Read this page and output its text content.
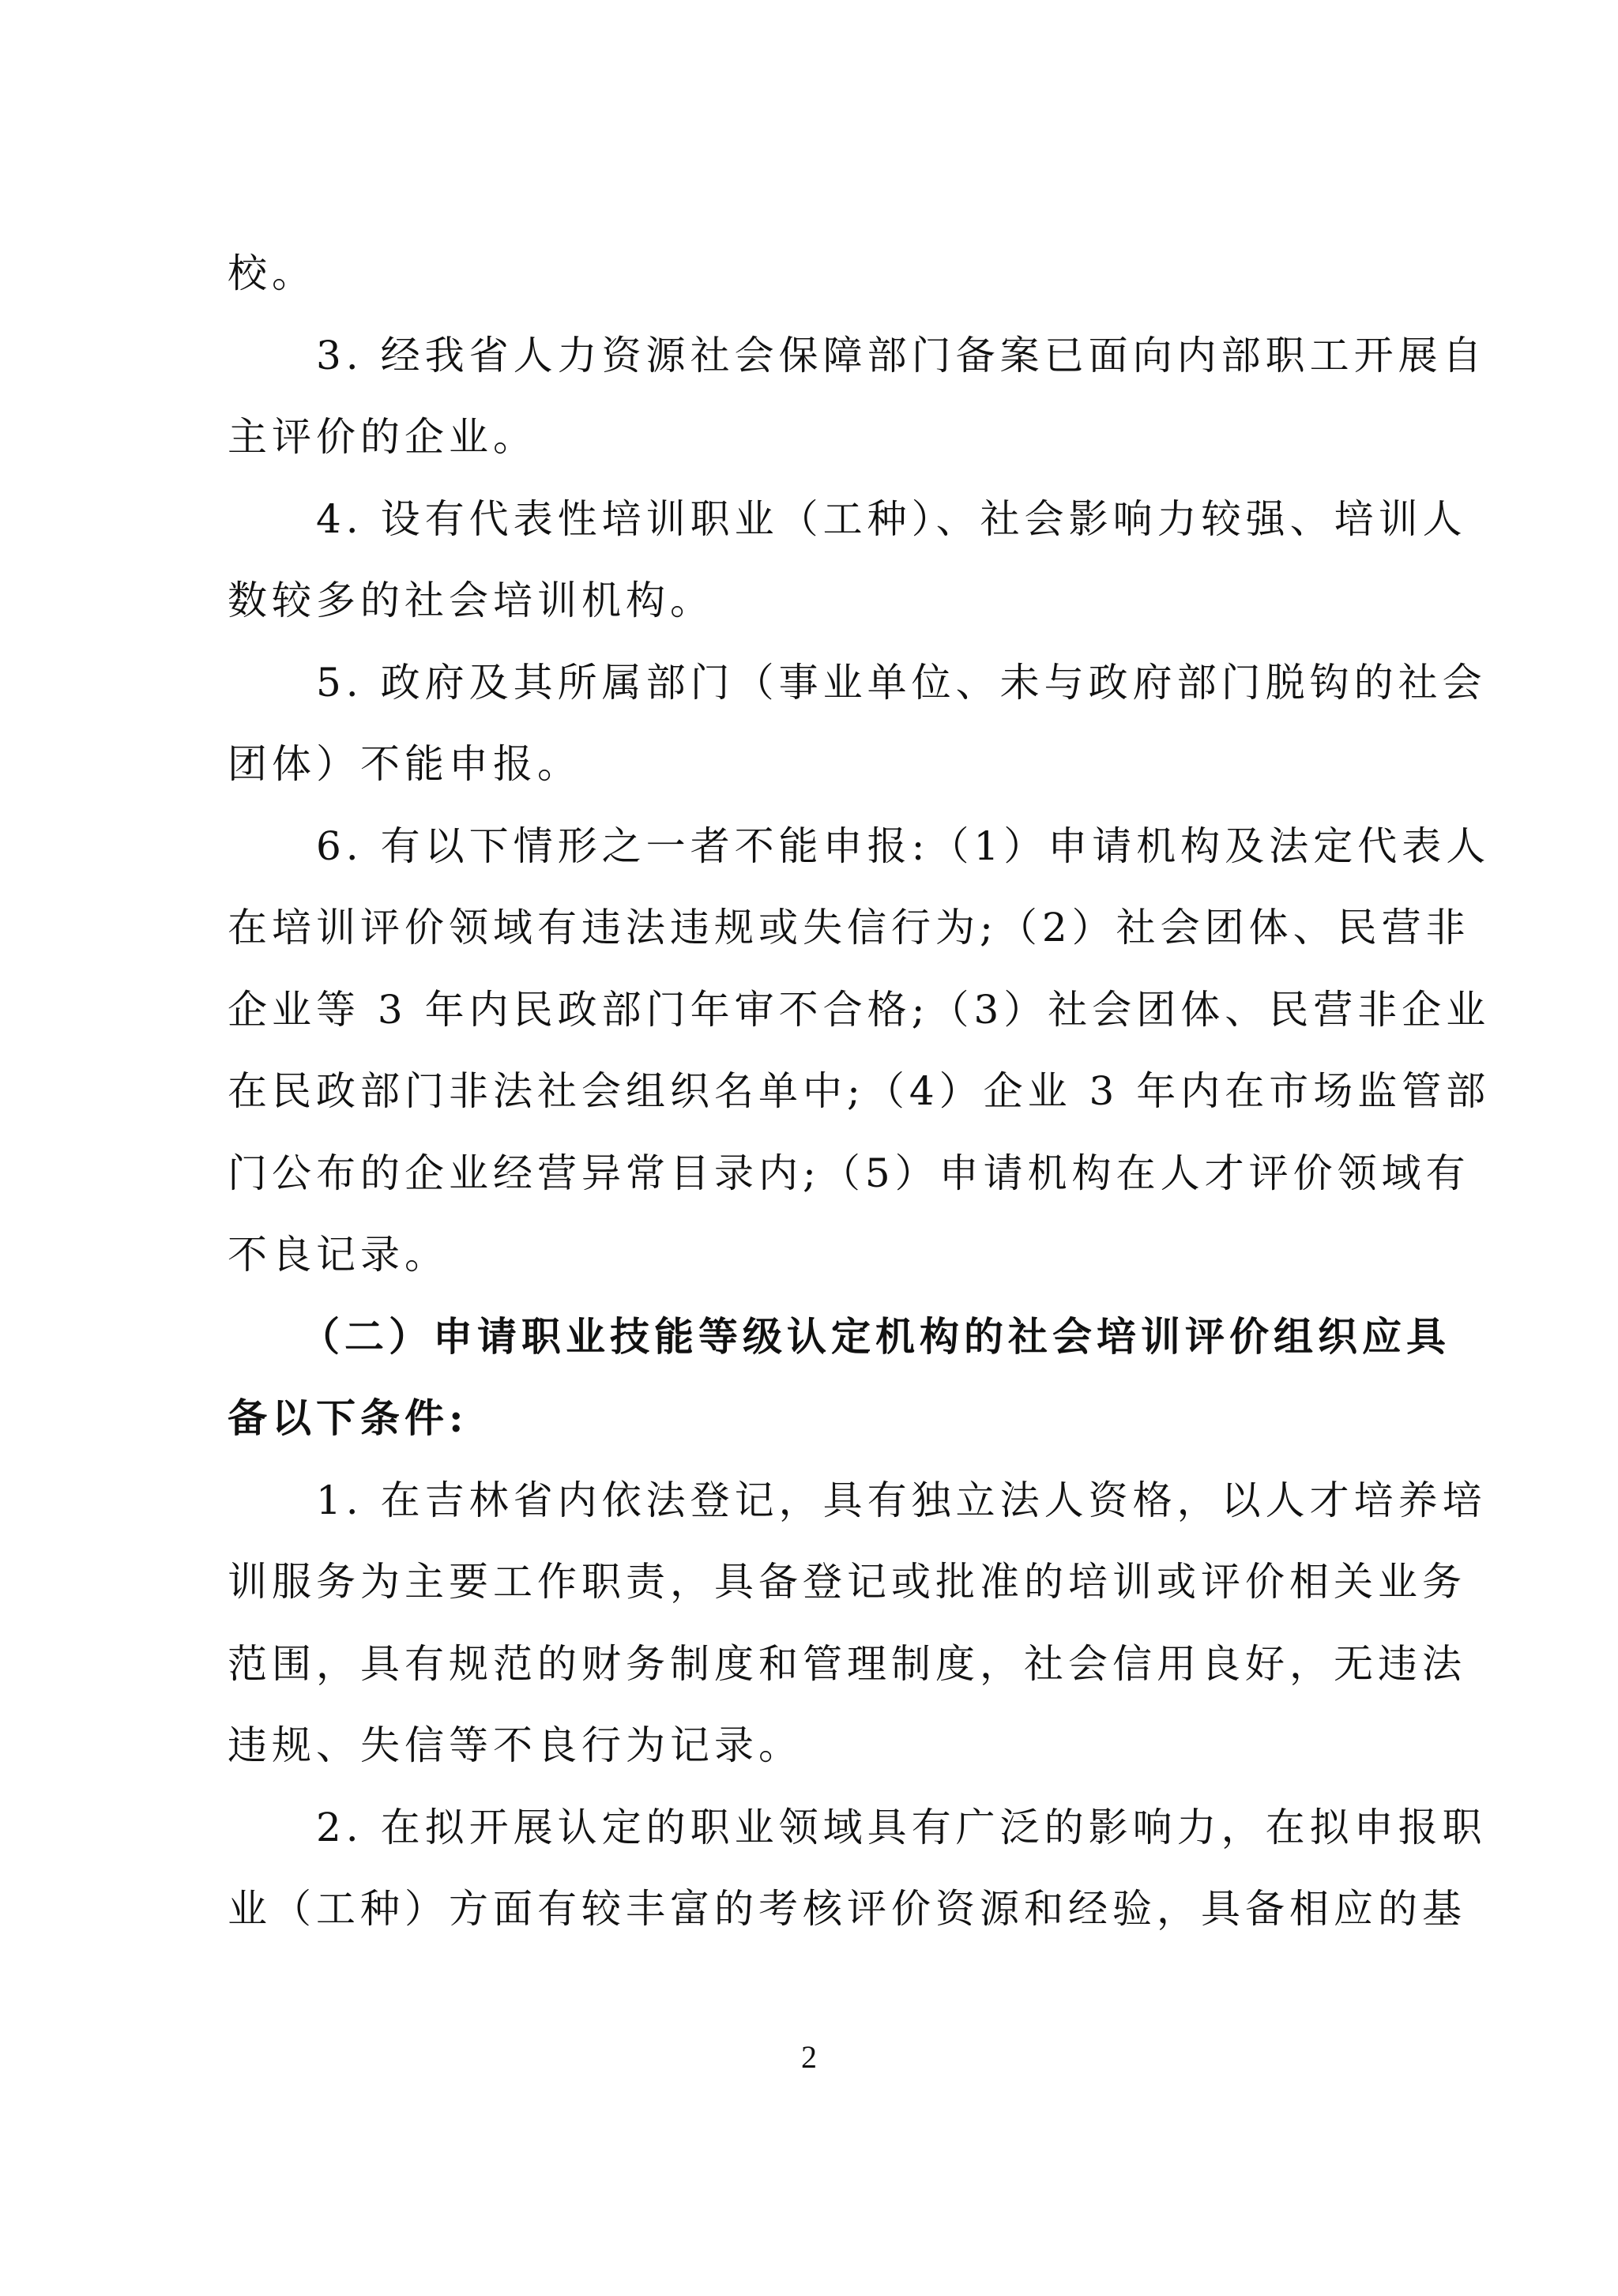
校。
3. 经我省人力资源社会保障部门备案已面向内部职工开展自
主评价的企业。
4. 设有代表性培训职业（工种）、社会影响力较强、培训人
数较多的社会培训机构。
5. 政府及其所属部门（事业单位、未与政府部门脱钩的社会
团体）不能申报。
6. 有以下情形之一者不能申报:（1）申请机构及法定代表人
在培训评价领域有违法违规或失信行为;（2）社会团体、民营非
企业等 3 年内民政部门年审不合格;（3）社会团体、民营非企业
在民政部门非法社会组织名单中;（4）企业 3 年内在市场监管部
门公布的企业经营异常目录内;（5）申请机构在人才评价领域有
不良记录。
（二）申请职业技能等级认定机构的社会培训评价组织应具
备以下条件:
1. 在吉林省内依法登记，具有独立法人资格，以人才培养培
训服务为主要工作职责，具备登记或批准的培训或评价相关业务
范围，具有规范的财务制度和管理制度，社会信用良好，无违法
违规、失信等不良行为记录。
2. 在拟开展认定的职业领域具有广泛的影响力，在拟申报职
业（工种）方面有较丰富的考核评价资源和经验，具备相应的基
2
